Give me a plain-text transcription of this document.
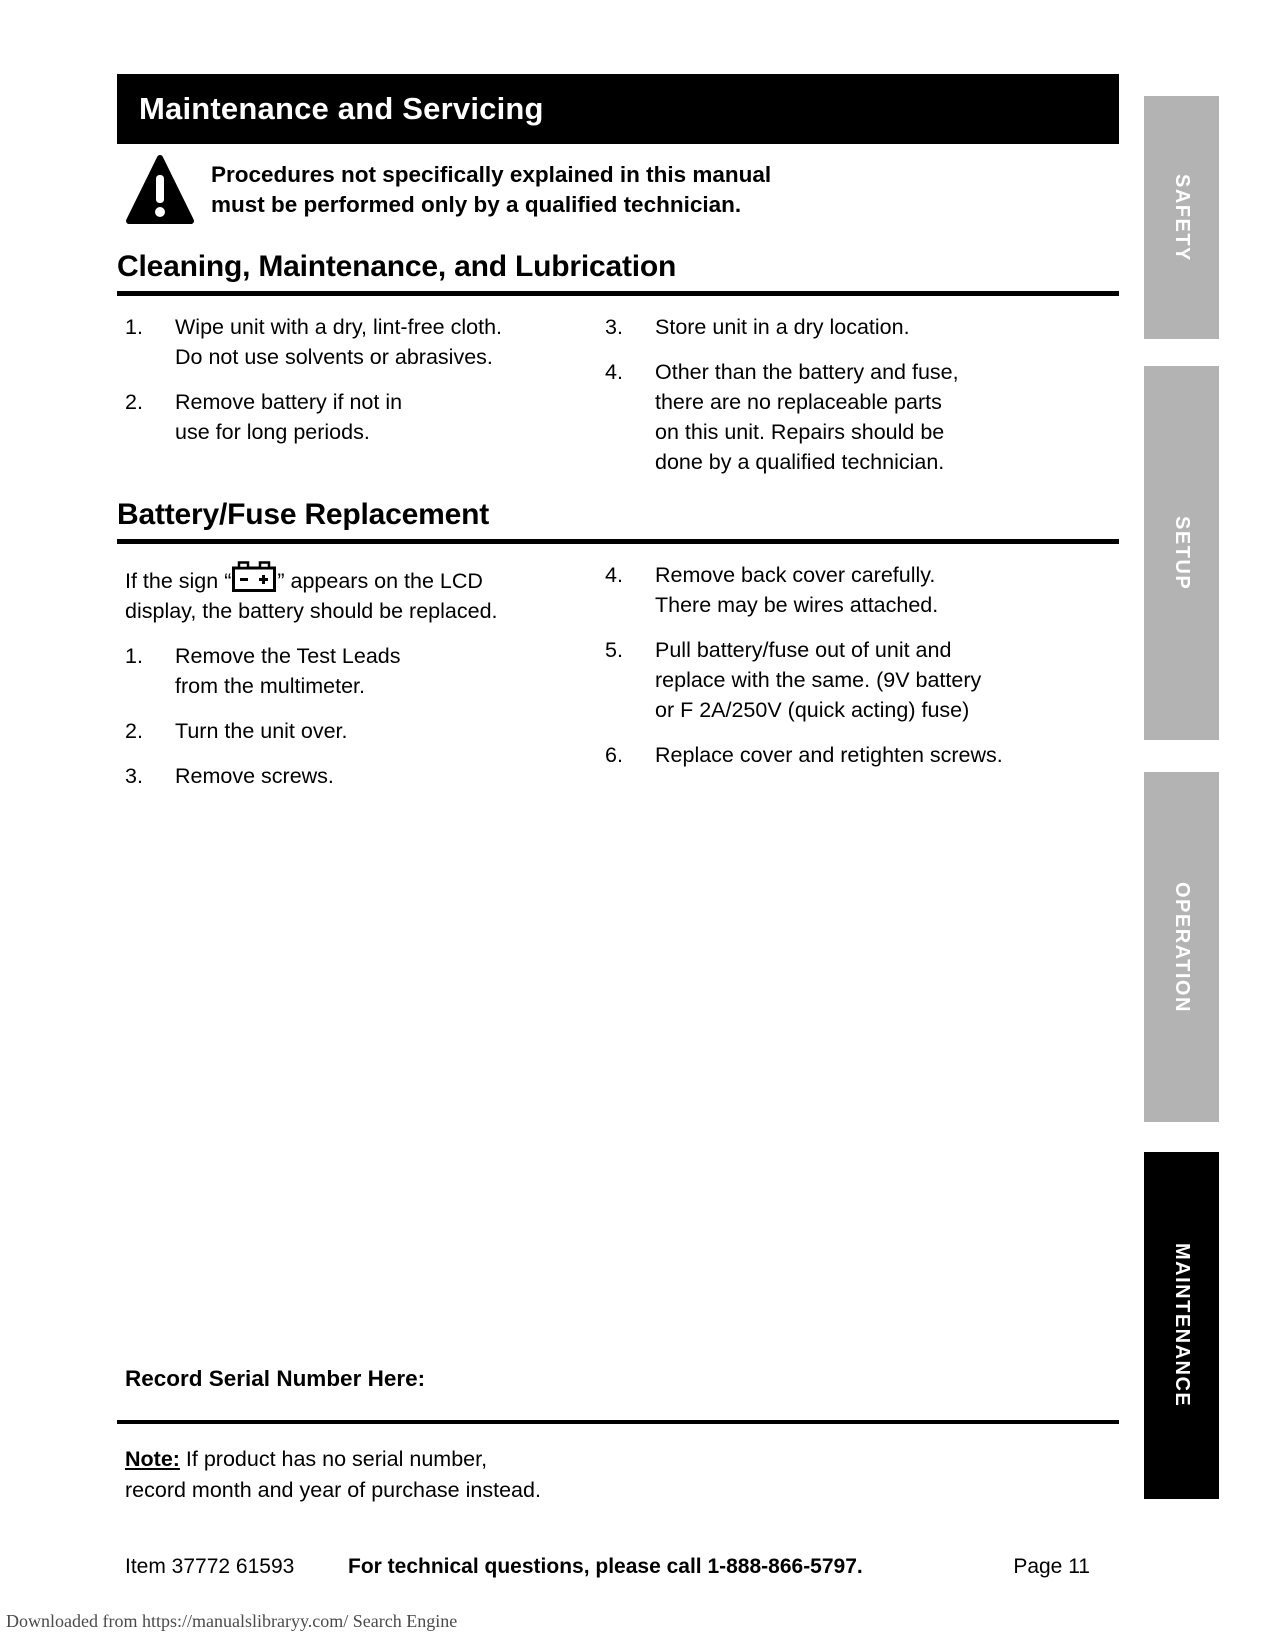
Maintenance and Servicing
Procedures not specifically explained in this manual
must be performed only by a qualified technician.
Cleaning, Maintenance, and Lubrication
1.	Wipe unit with a dry, lint-free cloth.
Do not use solvents or abrasives.
2.	Remove battery if not in
use for long periods.
3.	Store unit in a dry location.
4.	Other than the battery and fuse,
there are no replaceable parts
on this unit. Repairs should be
done by a qualified technician.
Battery/Fuse Replacement
If the sign “ ” appears on the LCD
display, the battery should be replaced.
1.	Remove the Test Leads
from the multimeter.
2.	Turn the unit over.
3.	Remove screws.
4.	Remove back cover carefully.
There may be wires attached.
5.	Pull battery/fuse out of unit and
replace with the same. (9V battery
or F 2A/250V (quick acting) fuse)
6.	Replace cover and retighten screws.
Record Serial Number Here:
Note: If product has no serial number,
record month and year of purchase instead.
Item 37772 61593	For technical questions, please call 1-888-866-5797.	Page 11
Downloaded from https://manualslibraryy.com/ Search Engine
SAFETY
SETUP
OPERATION
MAINTENANCE
